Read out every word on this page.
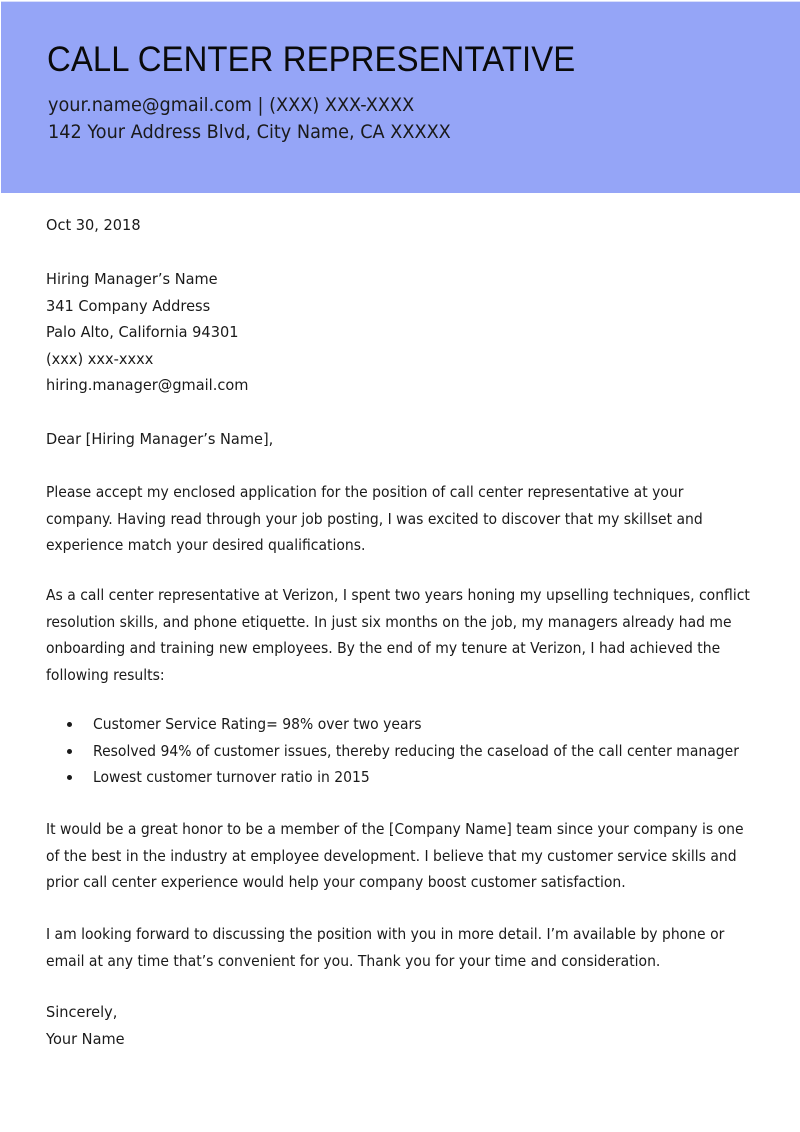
CALL CENTER REPRESENTATIVE
your.name@gmail.com | (XXX) XXX-XXXX
142 Your Address Blvd, City Name, CA XXXXX
Oct 30, 2018
Hiring Manager’s Name
341 Company Address
Palo Alto, California 94301
(xxx) xxx-xxxx
hiring.manager@gmail.com
Dear [Hiring Manager’s Name],

Please accept my enclosed application for the position of call center representative at your company. Having read through your job posting, I was excited to discover that my skillset and experience match your desired qualifications.

As a call center representative at Verizon, I spent two years honing my upselling techniques, conflict resolution skills, and phone etiquette. In just six months on the job, my managers already had me onboarding and training new employees. By the end of my tenure at Verizon, I had achieved the following results:

Customer Service Rating= 98% over two years
Resolved 94% of customer issues, thereby reducing the caseload of the call center manager
Lowest customer turnover ratio in 2015

It would be a great honor to be a member of the [Company Name] team since your company is one of the best in the industry at employee development. I believe that my customer service skills and prior call center experience would help your company boost customer satisfaction.

I am looking forward to discussing the position with you in more detail. I’m available by phone or email at any time that’s convenient for you. Thank you for your time and consideration.

Sincerely,
Your Name
